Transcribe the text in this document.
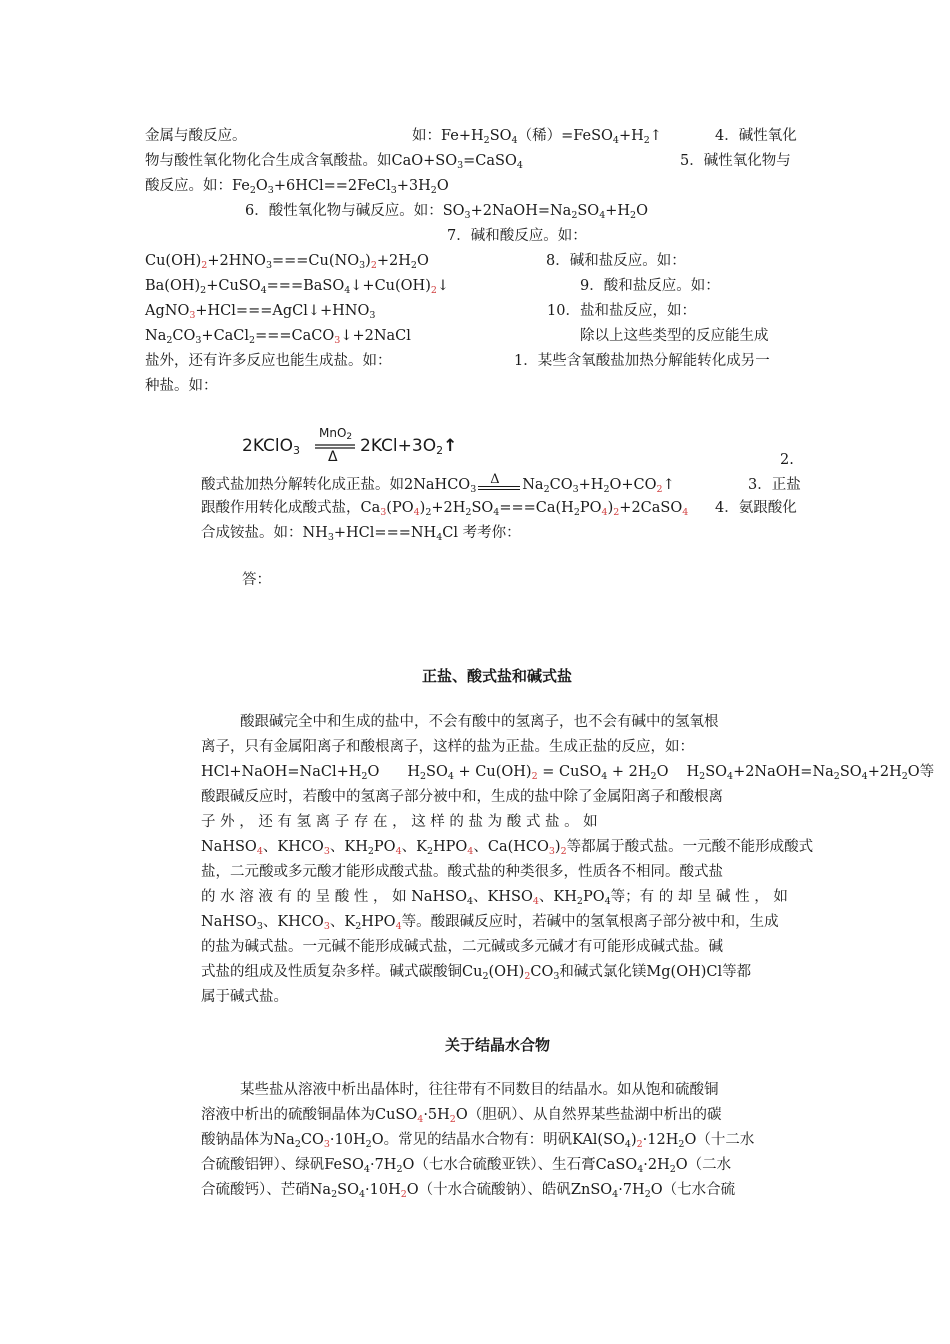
金属与酸反应。	如：$Fe+H_2SO_4$（稀）$=FeSO_4+H_2↑$	4．碱性氧化
物与酸性氧化物化合生成含氧酸盐。如$CaO+SO_3=CaSO_4$	5．碱性氧化物与
酸反应。如：$Fe_2O_3+6HCl==2FeCl_3+3H_2O$
6．酸性氧化物与碱反应。如：$SO_3+2NaOH=Na_2SO_4+H_2O$
7．碱和酸反应。如：
$Cu(OH)_2+2HNO_3===Cu(NO_3)_2+2H_2O$	8．碱和盐反应。如：
$Ba(OH)_2+CuSO_4===BaSO_4↓+Cu(OH)_2↓$	9．酸和盐反应。如：
$AgNO_3+HCl===AgCl↓+HNO_3$	10．盐和盐反应，如：
$Na_2CO_3+CaCl_2===CaCO_3↓+2NaCl$	除以上这些类型的反应能生成
盐外，还有许多反应也能生成盐。如：	1．某些含氧酸盐加热分解能转化成另一
种盐。如：
2KClO3
MnO2
Δ
2KCl+3O2↑
2.
酸式盐加热分解转化成正盐。如2NaHCO$_3$
Δ $Na_2CO_3+H_2O+CO_2↑$	3．正盐
跟酸作用转化成酸式盐，$Ca_3(PO_4)_2+2H_2SO_4===Ca(H_2PO_4)_2+2CaSO_4$ 4．氨跟酸化
合成铵盐。如：$NH_3+HCl===NH_4Cl$ 考考你：
答：
正盐、酸式盐和碱式盐
酸跟碱完全中和生成的盐中，不会有酸中的氢离子，也不会有碱中的氢氧根
离子，只有金属阳离子和酸根离子，这样的盐为正盐。生成正盐的反应，如：
$HCl+NaOH=NaCl+H_2O$ $H_2SO_4 + Cu(OH)_2$ = CuSO$_4$ + $2H_2O$ $H_2SO_4+2NaOH=Na_2SO_4+2H_2O$等
酸跟碱反应时，若酸中的氢离子部分被中和，生成的盐中除了金属阳离子和酸根离
子 外 ， 还 有 氢 离 子 存 在 ， 这 样 的 盐 为 酸 式 盐 。 如
NaHSO$_4$、$KHCO_3$、$KH_2PO_4$、$K_2HPO_4$、$Ca(HCO_3)_2$等都属于酸式盐。一元酸不能形成酸式
盐，二元酸或多元酸才能形成酸式盐。酸式盐的种类很多，性质各不相同。酸式盐
的 水 溶 液 有 的 呈 酸 性 ， 如 NaHSO$_4$、$KHSO_4$、$KH_2PO_4$等；有 的 却 呈 碱 性 ， 如
NaHSO$_3$、$KHCO_3$、$K_2HPO_4$等。酸跟碱反应时，若碱中的氢氧根离子部分被中和，生成
的盐为碱式盐。一元碱不能形成碱式盐，二元碱或多元碱才有可能形成碱式盐。碱
式盐的组成及性质复杂多样。碱式碳酸铜$Cu_2(OH)_2CO_3$和碱式氯化镁Mg(OH)Cl等都
属于碱式盐。
关于结晶水合物
某些盐从溶液中析出晶体时，往往带有不同数目的结晶水。如从饱和硫酸铜
溶液中析出的硫酸铜晶体为$CuSO_4\cdot 5H_2O$（胆矾）、从自然界某些盐湖中析出的碳
酸钠晶体为$Na_2CO_3\cdot 10H_2O$。常见的结晶水合物有：明矾$KAl(SO_4)_2\cdot 12H_2O$（十二水
合硫酸铝钾）、绿矾$FeSO_4\cdot 7H_2O$（七水合硫酸亚铁）、生石膏$CaSO_4\cdot 2H_2O$（二水
合硫酸钙）、芒硝$Na_2SO_4\cdot 10H_2O$（十水合硫酸钠）、皓矾$ZnSO_4\cdot 7H_2O$（七水合硫
